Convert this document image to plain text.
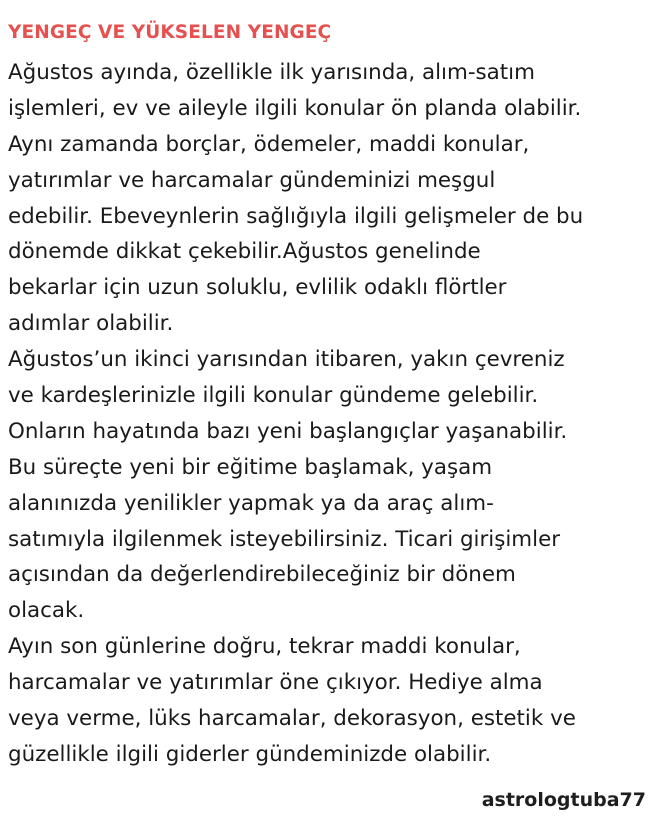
YENGEÇ VE YÜKSELEN YENGEÇ
Ağustos ayında, özellikle ilk yarısında, alım-satım
işlemleri, ev ve aileyle ilgili konular ön planda olabilir.
Aynı zamanda borçlar, ödemeler, maddi konular,
yatırımlar ve harcamalar gündeminizi meşgul
edebilir. Ebeveynlerin sağlığıyla ilgili gelişmeler de bu
dönemde dikkat çekebilir.Ağustos genelinde
bekarlar için uzun soluklu, evlilik odaklı flörtler
adımlar olabilir.
Ağustos’un ikinci yarısından itibaren, yakın çevreniz
ve kardeşlerinizle ilgili konular gündeme gelebilir.
Onların hayatında bazı yeni başlangıçlar yaşanabilir.
Bu süreçte yeni bir eğitime başlamak, yaşam
alanınızda yenilikler yapmak ya da araç alım-
satımıyla ilgilenmek isteyebilirsiniz. Ticari girişimler
açısından da değerlendirebileceğiniz bir dönem
olacak.
Ayın son günlerine doğru, tekrar maddi konular,
harcamalar ve yatırımlar öne çıkıyor. Hediye alma
veya verme, lüks harcamalar, dekorasyon, estetik ve
güzellikle ilgili giderler gündeminizde olabilir.
astrologtuba77
